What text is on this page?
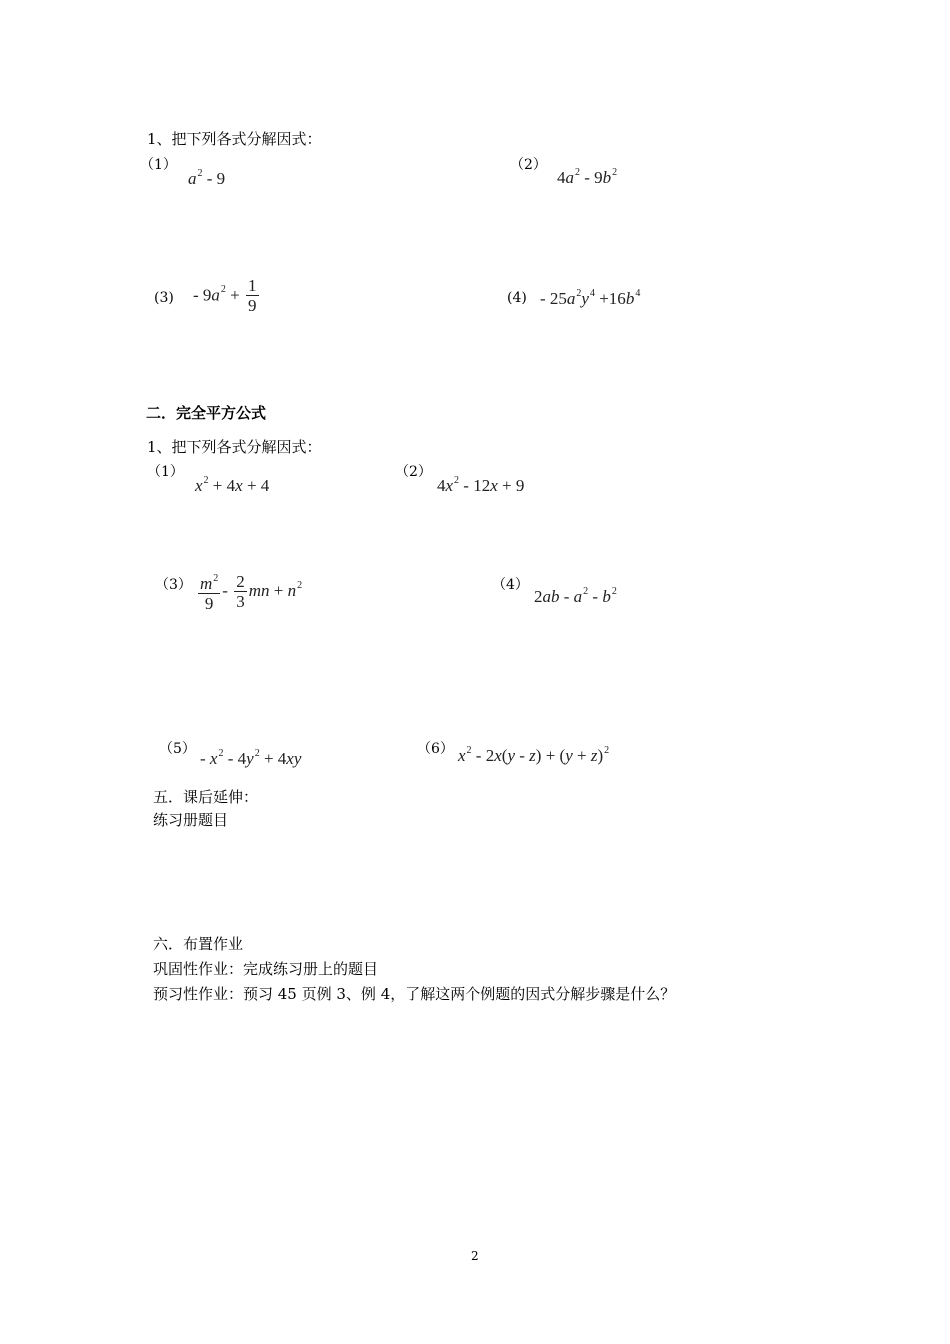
1、把下列各式分解因式：
（1）
$a^2 - 9$
（2）
$4a^2 - 9b^2$
$(3) - 9a^2 + \frac{1}{9}$	$(4) - 25a^2y^4 +16b^4$
二．完全平方公式
1、把下列各式分解因式：
（1）
$x^2 + 4x + 4$
（2）
$4x^2 - 12x + 9$
$(3) \frac{m^2}{9} - \frac{2}{3}$ mn + $n^2$	（4）
$2ab - a^2 - b^2$
$(5) - x^2 - 4y^2 + 4xy$	（6） $x^2 - 2x(y - z) + (y + z)^2$
五．课后延伸：
练习册题目
六．布置作业
巩固性作业：完成练习册上的题目
预习性作业：预习 45 页例 3、例 4，了解这两个例题的因式分解步骤是什么？
2
